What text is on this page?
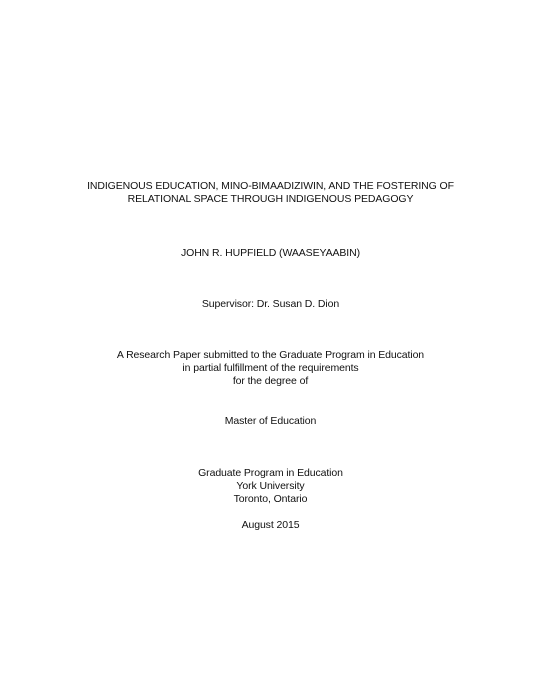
INDIGENOUS EDUCATION, MINO-BIMAADIZIWIN, AND THE FOSTERING OF
RELATIONAL SPACE THROUGH INDIGENOUS PEDAGOGY
JOHN R. HUPFIELD (WAASEYAABIN)
Supervisor: Dr. Susan D. Dion
A Research Paper submitted to the Graduate Program in Education
in partial fulfillment of the requirements
for the degree of
Master of Education
Graduate Program in Education
York University
Toronto, Ontario
August 2015
